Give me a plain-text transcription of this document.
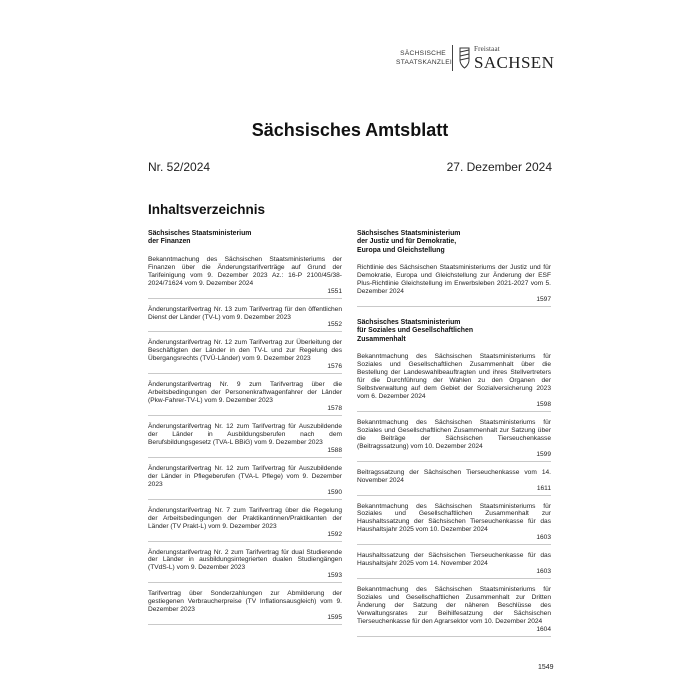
SÄCHSISCHE
STAATSKANZLEI
Freistaat
SACHSEN
Sächsisches Amtsblatt
Nr. 52/2024	27. Dezember 2024
Inhaltsverzeichnis
Sächsisches Staatsministerium
der Finanzen
Bekanntmachung des Sächsischen Staatsministeriums der Finanzen über die Änderungstarifverträge auf Grund der Tarifeinigung vom 9. Dezember 2023 Az.: 16-P 2100/45/38-2024/71624 vom 9. Dezember 2024
1551
Änderungstarifvertrag Nr. 13 zum Tarifvertrag für den öffentlichen Dienst der Länder (TV-L) vom 9. Dezember 2023
1552
Änderungstarifvertrag Nr. 12 zum Tarifvertrag zur Überleitung der Beschäftigten der Länder in den TV-L und zur Regelung des Übergangsrechts (TVÜ-Länder) vom 9. Dezember 2023
1576
Änderungstarifvertrag Nr. 9 zum Tarifvertrag über die Arbeitsbedingungen der Personenkraftwagenfahrer der Länder (Pkw-Fahrer-TV-L) vom 9. Dezember 2023
1578
Änderungstarifvertrag Nr. 12 zum Tarifvertrag für Auszubildende der Länder in Ausbildungsberufen nach dem Berufsbildungsgesetz (TVA-L BBiG) vom 9. Dezember 2023
1588
Änderungstarifvertrag Nr. 12 zum Tarifvertrag für Auszubildende der Länder in Pflegeberufen (TVA-L Pflege) vom 9. Dezember 2023
1590
Änderungstarifvertrag Nr. 7 zum Tarifvertrag über die Regelung der Arbeitsbedingungen der Praktikantinnen/Praktikanten der Länder (TV Prakt-L) vom 9. Dezember 2023
1592
Änderungstarifvertrag Nr. 2 zum Tarifvertrag für dual Studierende der Länder in ausbildungsintegrierten dualen Studiengängen (TVdS-L) vom 9. Dezember 2023
1593
Tarifvertrag über Sonderzahlungen zur Abmilderung der gestiegenen Verbraucherpreise (TV Inflationsausgleich) vom 9. Dezember 2023
1595
Sächsisches Staatsministerium
der Justiz und für Demokratie,
Europa und Gleichstellung
Richtlinie des Sächsischen Staatsministeriums der Justiz und für Demokratie, Europa und Gleichstellung zur Änderung der ESF Plus-Richtlinie Gleichstellung im Erwerbsleben 2021-2027 vom 5. Dezember 2024
1597
Sächsisches Staatsministerium
für Soziales und Gesellschaftlichen
Zusammenhalt
Bekanntmachung des Sächsischen Staatsministeriums für Soziales und Gesellschaftlichen Zusammenhalt über die Bestellung der Landeswahlbeauftragten und ihres Stellvertreters für die Durchführung der Wahlen zu den Organen der Selbstverwaltung auf dem Gebiet der Sozialversicherung 2023 vom 6. Dezember 2024
1598
Bekanntmachung des Sächsischen Staatsministeriums für Soziales und Gesellschaftlichen Zusammenhalt zur Satzung über die Beiträge der Sächsischen Tierseuchenkasse (Beitragssatzung) vom 10. Dezember 2024
1599
Beitragssatzung der Sächsischen Tierseuchenkasse vom 14. November 2024
1611
Bekanntmachung des Sächsischen Staatsministeriums für Soziales und Gesellschaftlichen Zusammenhalt zur Haushaltssatzung der Sächsischen Tierseuchenkasse für das Haushaltsjahr 2025 vom 10. Dezember 2024
1603
Haushaltssatzung der Sächsischen Tierseuchenkasse für das Haushaltsjahr 2025 vom 14. November 2024
1603
Bekanntmachung des Sächsischen Staatsministeriums für Soziales und Gesellschaftlichen Zusammenhalt zur Dritten Änderung der Satzung der näheren Beschlüsse des Verwaltungsrates zur Beihilfesatzung der Sächsischen Tierseuchenkasse für den Agrarsektor vom 10. Dezember 2024
1604
1549
